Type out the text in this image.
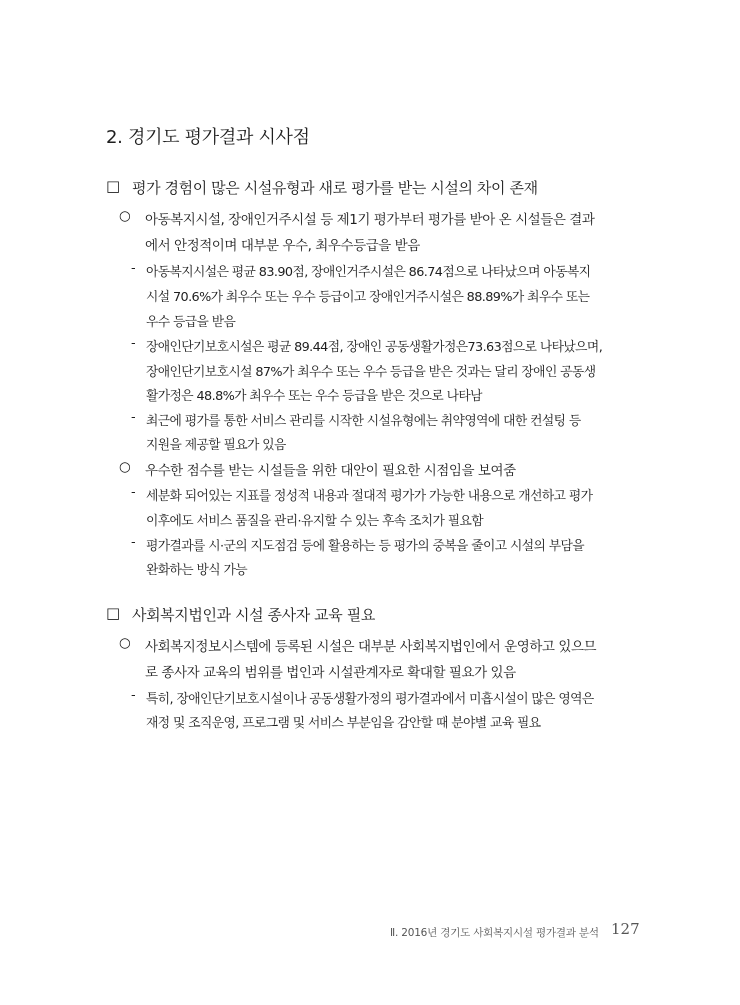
2. 경기도 평가결과 시사점
□ 평가 경험이 많은 시설유형과 새로 평가를 받는 시설의 차이 존재
○ 아동복지시설, 장애인거주시설 등 제1기 평가부터 평가를 받아 온 시설들은 결과
에서 안정적이며 대부분 우수, 최우수등급을 받음
- 아동복지시설은 평균 83.90점, 장애인거주시설은 86.74점으로 나타났으며 아동복지
시설 70.6%가 최우수 또는 우수 등급이고 장애인거주시설은 88.89%가 최우수 또는
우수 등급을 받음
- 장애인단기보호시설은 평균 89.44점, 장애인 공동생활가정은73.63점으로 나타났으며,
장애인단기보호시설 87%가 최우수 또는 우수 등급을 받은 것과는 달리 장애인 공동생
활가정은 48.8%가 최우수 또는 우수 등급을 받은 것으로 나타남
- 최근에 평가를 통한 서비스 관리를 시작한 시설유형에는 취약영역에 대한 컨설팅 등
지원을 제공할 필요가 있음
○ 우수한 점수를 받는 시설들을 위한 대안이 필요한 시점임을 보여줌
- 세분화 되어있는 지표를 정성적 내용과 절대적 평가가 가능한 내용으로 개선하고 평가
이후에도 서비스 품질을 관리·유지할 수 있는 후속 조치가 필요함
- 평가결과를 시·군의 지도점검 등에 활용하는 등 평가의 중복을 줄이고 시설의 부담을
완화하는 방식 가능
□ 사회복지법인과 시설 종사자 교육 필요
○ 사회복지정보시스템에 등록된 시설은 대부분 사회복지법인에서 운영하고 있으므
로 종사자 교육의 범위를 법인과 시설관계자로 확대할 필요가 있음
- 특히, 장애인단기보호시설이나 공동생활가정의 평가결과에서 미흡시설이 많은 영역은
재정 및 조직운영, 프로그램 및 서비스 부분임을 감안할 때 분야별 교육 필요
Ⅱ. 2016년 경기도 사회복지시설 평가결과 분석 127
